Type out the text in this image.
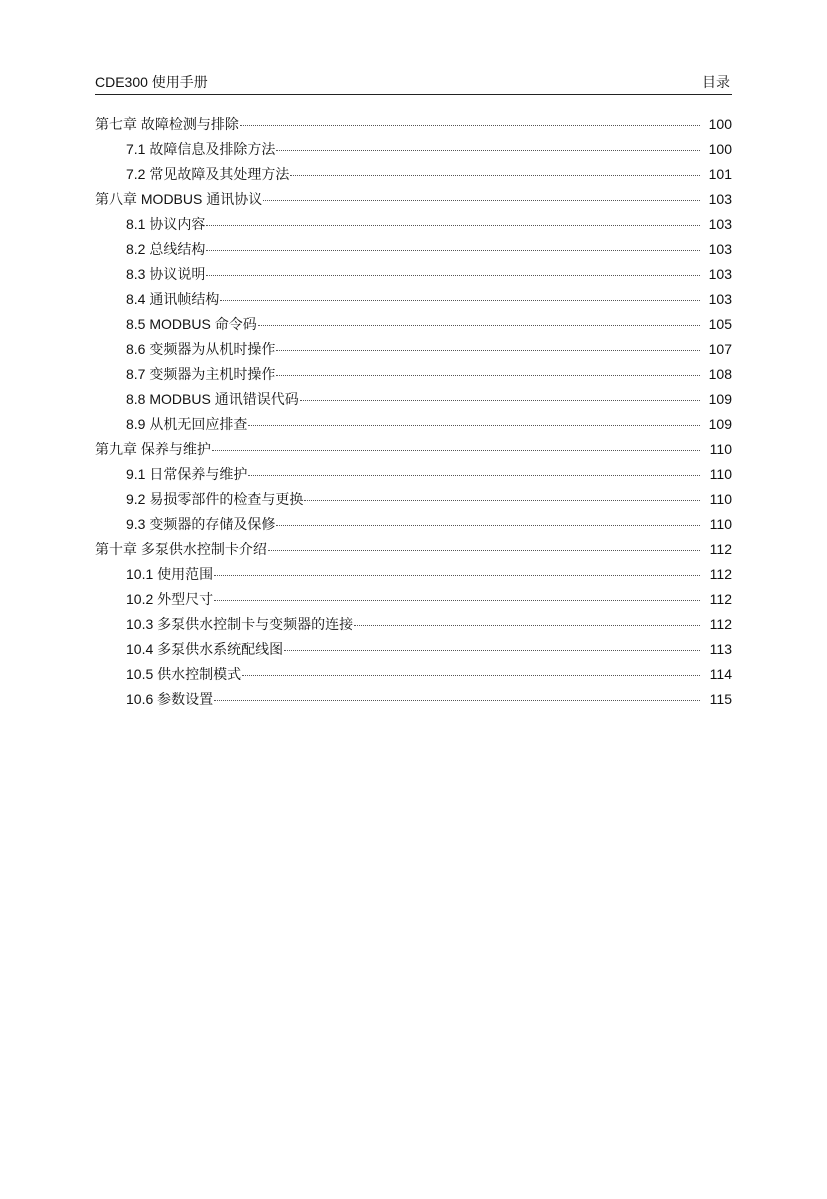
CDE300 使用手册	目录
第七章 故障检测与排除	100
7.1 故障信息及排除方法	100
7.2 常见故障及其处理方法	101
第八章 MODBUS 通讯协议	103
8.1 协议内容	103
8.2 总线结构	103
8.3 协议说明	103
8.4 通讯帧结构	103
8.5 MODBUS 命令码	105
8.6 变频器为从机时操作	107
8.7 变频器为主机时操作	108
8.8 MODBUS 通讯错误代码	109
8.9 从机无回应排查	109
第九章 保养与维护	110
9.1 日常保养与维护	110
9.2 易损零部件的检查与更换	110
9.3 变频器的存储及保修	110
第十章 多泵供水控制卡介绍	112
10.1 使用范围	112
10.2 外型尺寸	112
10.3 多泵供水控制卡与变频器的连接	112
10.4 多泵供水系统配线图	113
10.5 供水控制模式	114
10.6 参数设置	115
